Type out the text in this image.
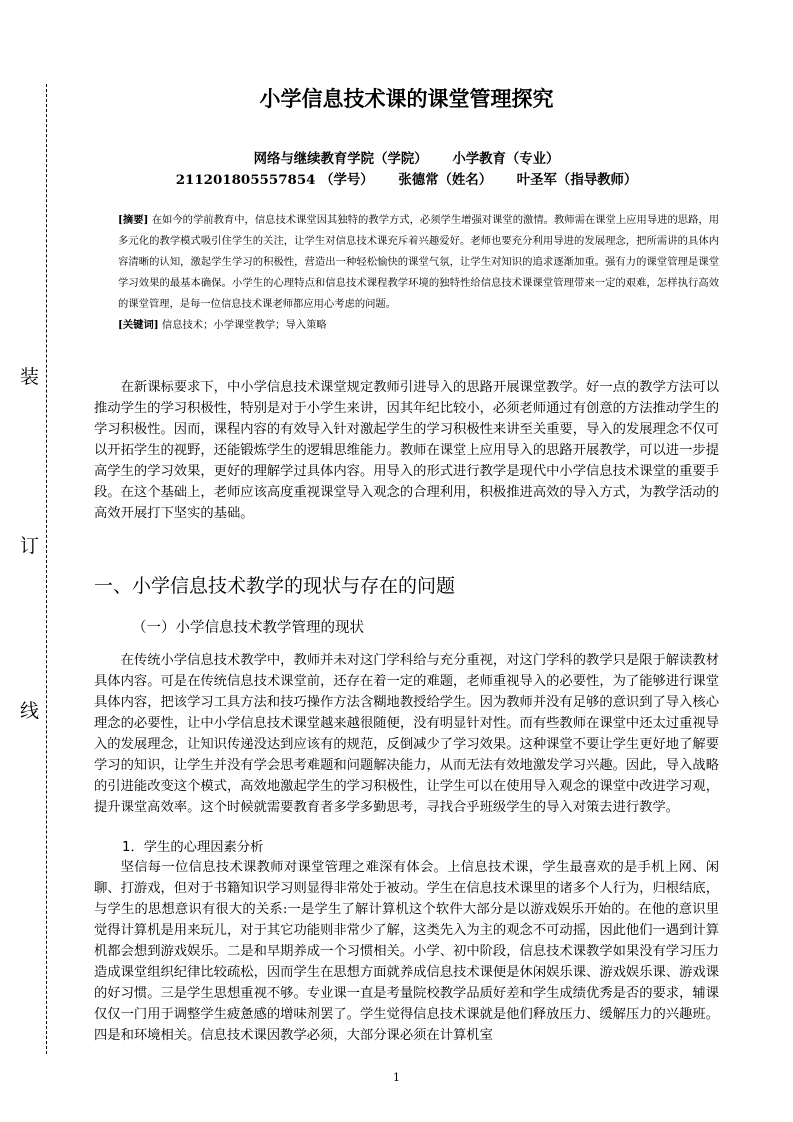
装
订
线
小学信息技术课的课堂管理探究
网络与继续教育学院（学院） 小学教育（专业）
211201805557854 （学号） 张德常（姓名） 叶圣军（指导教师）

[摘要] 在如今的学前教育中，信息技术课堂因其独特的教学方式，必须学生增强对课堂的激情。教师需在课堂上应用导进的思路，用多元化的教学模式吸引住学生的关注，让学生对信息技术课充斥着兴趣爱好。老师也要充分利用导进的发展理念，把所需讲的具体内容清晰的认知，激起学生学习的积极性，营造出一种轻松愉快的课堂气氛，让学生对知识的追求逐渐加重。强有力的课堂管理是课堂学习效果的最基本确保。小学生的心理特点和信息技术课程教学环境的独特性给信息技术课课堂管理带来一定的艰难，怎样执行高效的课堂管理，是每一位信息技术课老师都应用心考虑的问题。

[关键词] 信息技术；小学课堂教学；导入策略

在新课标要求下，中小学信息技术课堂规定教师引进导入的思路开展课堂教学。好一点的教学方法可以推动学生的学习积极性，特别是对于小学生来讲，因其年纪比较小，必须老师通过有创意的方法推动学生的学习积极性。因而，课程内容的有效导入针对激起学生的学习积极性来讲至关重要，导入的发展理念不仅可以开拓学生的视野，还能锻炼学生的逻辑思维能力。教师在课堂上应用导入的思路开展教学，可以进一步提高学生的学习效果，更好的理解学过具体内容。用导入的形式进行教学是现代中小学信息技术课堂的重要手段。在这个基础上，老师应该高度重视课堂导入观念的合理利用，积极推进高效的导入方式，为教学活动的高效开展打下坚实的基础。

一、小学信息技术教学的现状与存在的问题
（一）小学信息技术教学管理的现状

在传统小学信息技术教学中，教师并未对这门学科给与充分重视，对这门学科的教学只是限于解读教材具体内容。可是在传统信息技术课堂前，还存在着一定的难题，老师重视导入的必要性，为了能够进行课堂具体内容，把该学习工具方法和技巧操作方法含糊地教授给学生。因为教师并没有足够的意识到了导入核心理念的必要性，让中小学信息技术课堂越来越很随便，没有明显针对性。而有些教师在课堂中还太过重视导入的发展理念，让知识传递没达到应该有的规范，反倒减少了学习效果。这种课堂不要让学生更好地了解要学习的知识，让学生并没有学会思考难题和问题解决能力，从而无法有效地激发学习兴趣。因此，导入战略的引进能改变这个模式，高效地激起学生的学习积极性，让学生可以在使用导入观念的课堂中改进学习观，提升课堂高效率。这个时候就需要教育者多学多勤思考，寻找合乎班级学生的导入对策去进行教学。

1．学生的心理因素分析

坚信每一位信息技术课教师对课堂管理之难深有体会。上信息技术课，学生最喜欢的是手机上网、闲聊、打游戏，但对于书籍知识学习则显得非常处于被动。学生在信息技术课里的诸多个人行为，归根结底，与学生的思想意识有很大的关系:一是学生了解计算机这个软件大部分是以游戏娱乐开始的。在他的意识里觉得计算机是用来玩儿，对于其它功能则非常少了解，这类先入为主的观念不可动摇，因此他们一遇到计算机都会想到游戏娱乐。二是和早期养成一个习惯相关。小学、初中阶段，信息技术课教学如果没有学习压力造成课堂组织纪律比较疏松，因而学生在思想方面就养成信息技术课便是休闲娱乐课、游戏娱乐课、游戏课的好习惯。三是学生思想重视不够。专业课一直是考量院校教学品质好差和学生成绩优秀是否的要求，辅课仅仅一门用于调整学生疲惫感的增味剂罢了。学生觉得信息技术课就是他们释放压力、缓解压力的兴趣班。四是和环境相关。信息技术课因教学必须，大部分课必须在计算机室

1
